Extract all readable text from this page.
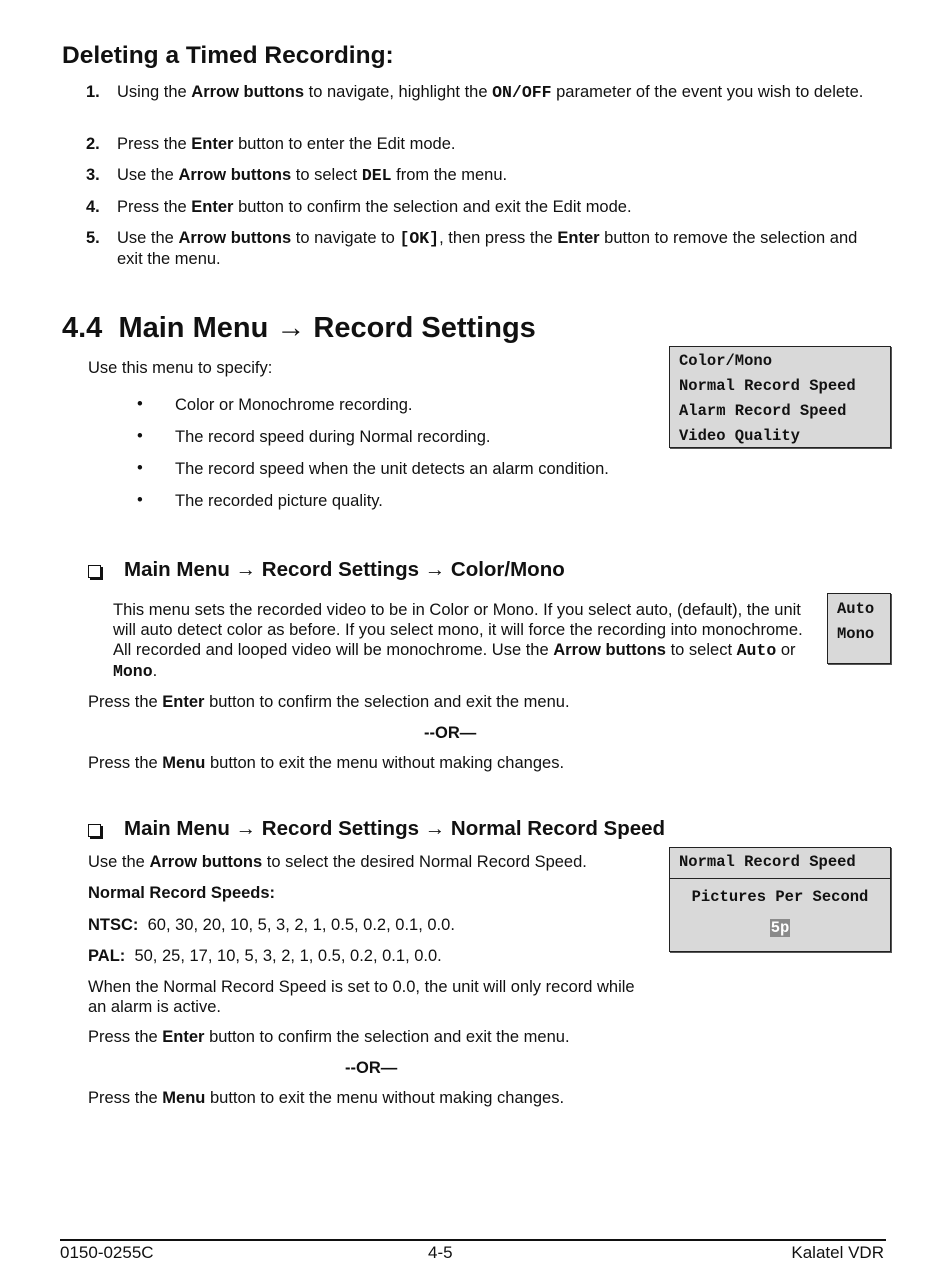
Deleting a Timed Recording:
1. Using the Arrow buttons to navigate, highlight the ON/OFF parameter of the event you wish to delete.
2. Press the Enter button to enter the Edit mode.
3. Use the Arrow buttons to select DEL from the menu.
4. Press the Enter button to confirm the selection and exit the Edit mode.
5. Use the Arrow buttons to navigate to [OK], then press the Enter button to remove the selection and exit the menu.
4.4 Main Menu → Record Settings
Use this menu to specify:
• Color or Monochrome recording.
• The record speed during Normal recording.
• The record speed when the unit detects an alarm condition.
• The recorded picture quality.
Color/Mono
Normal Record Speed
Alarm Record Speed
Video Quality
Main Menu → Record Settings → Color/Mono
This menu sets the recorded video to be in Color or Mono. If you select auto, (default), the unit will auto detect color as before. If you select mono, it will force the recording into monochrome. All recorded and looped video will be monochrome. Use the Arrow buttons to select Auto or Mono.
Auto
Mono
Press the Enter button to confirm the selection and exit the menu.
--OR—
Press the Menu button to exit the menu without making changes.
Main Menu → Record Settings → Normal Record Speed
Use the Arrow buttons to select the desired Normal Record Speed.
Normal Record Speeds:
NTSC: 60, 30, 20, 10, 5, 3, 2, 1, 0.5, 0.2, 0.1, 0.0.
PAL: 50, 25, 17, 10, 5, 3, 2, 1, 0.5, 0.2, 0.1, 0.0.
When the Normal Record Speed is set to 0.0, the unit will only record while an alarm is active.
Press the Enter button to confirm the selection and exit the menu.
--OR—
Press the Menu button to exit the menu without making changes.
Normal Record Speed
Pictures Per Second
5p
0150-0255C	4-5	Kalatel VDR
